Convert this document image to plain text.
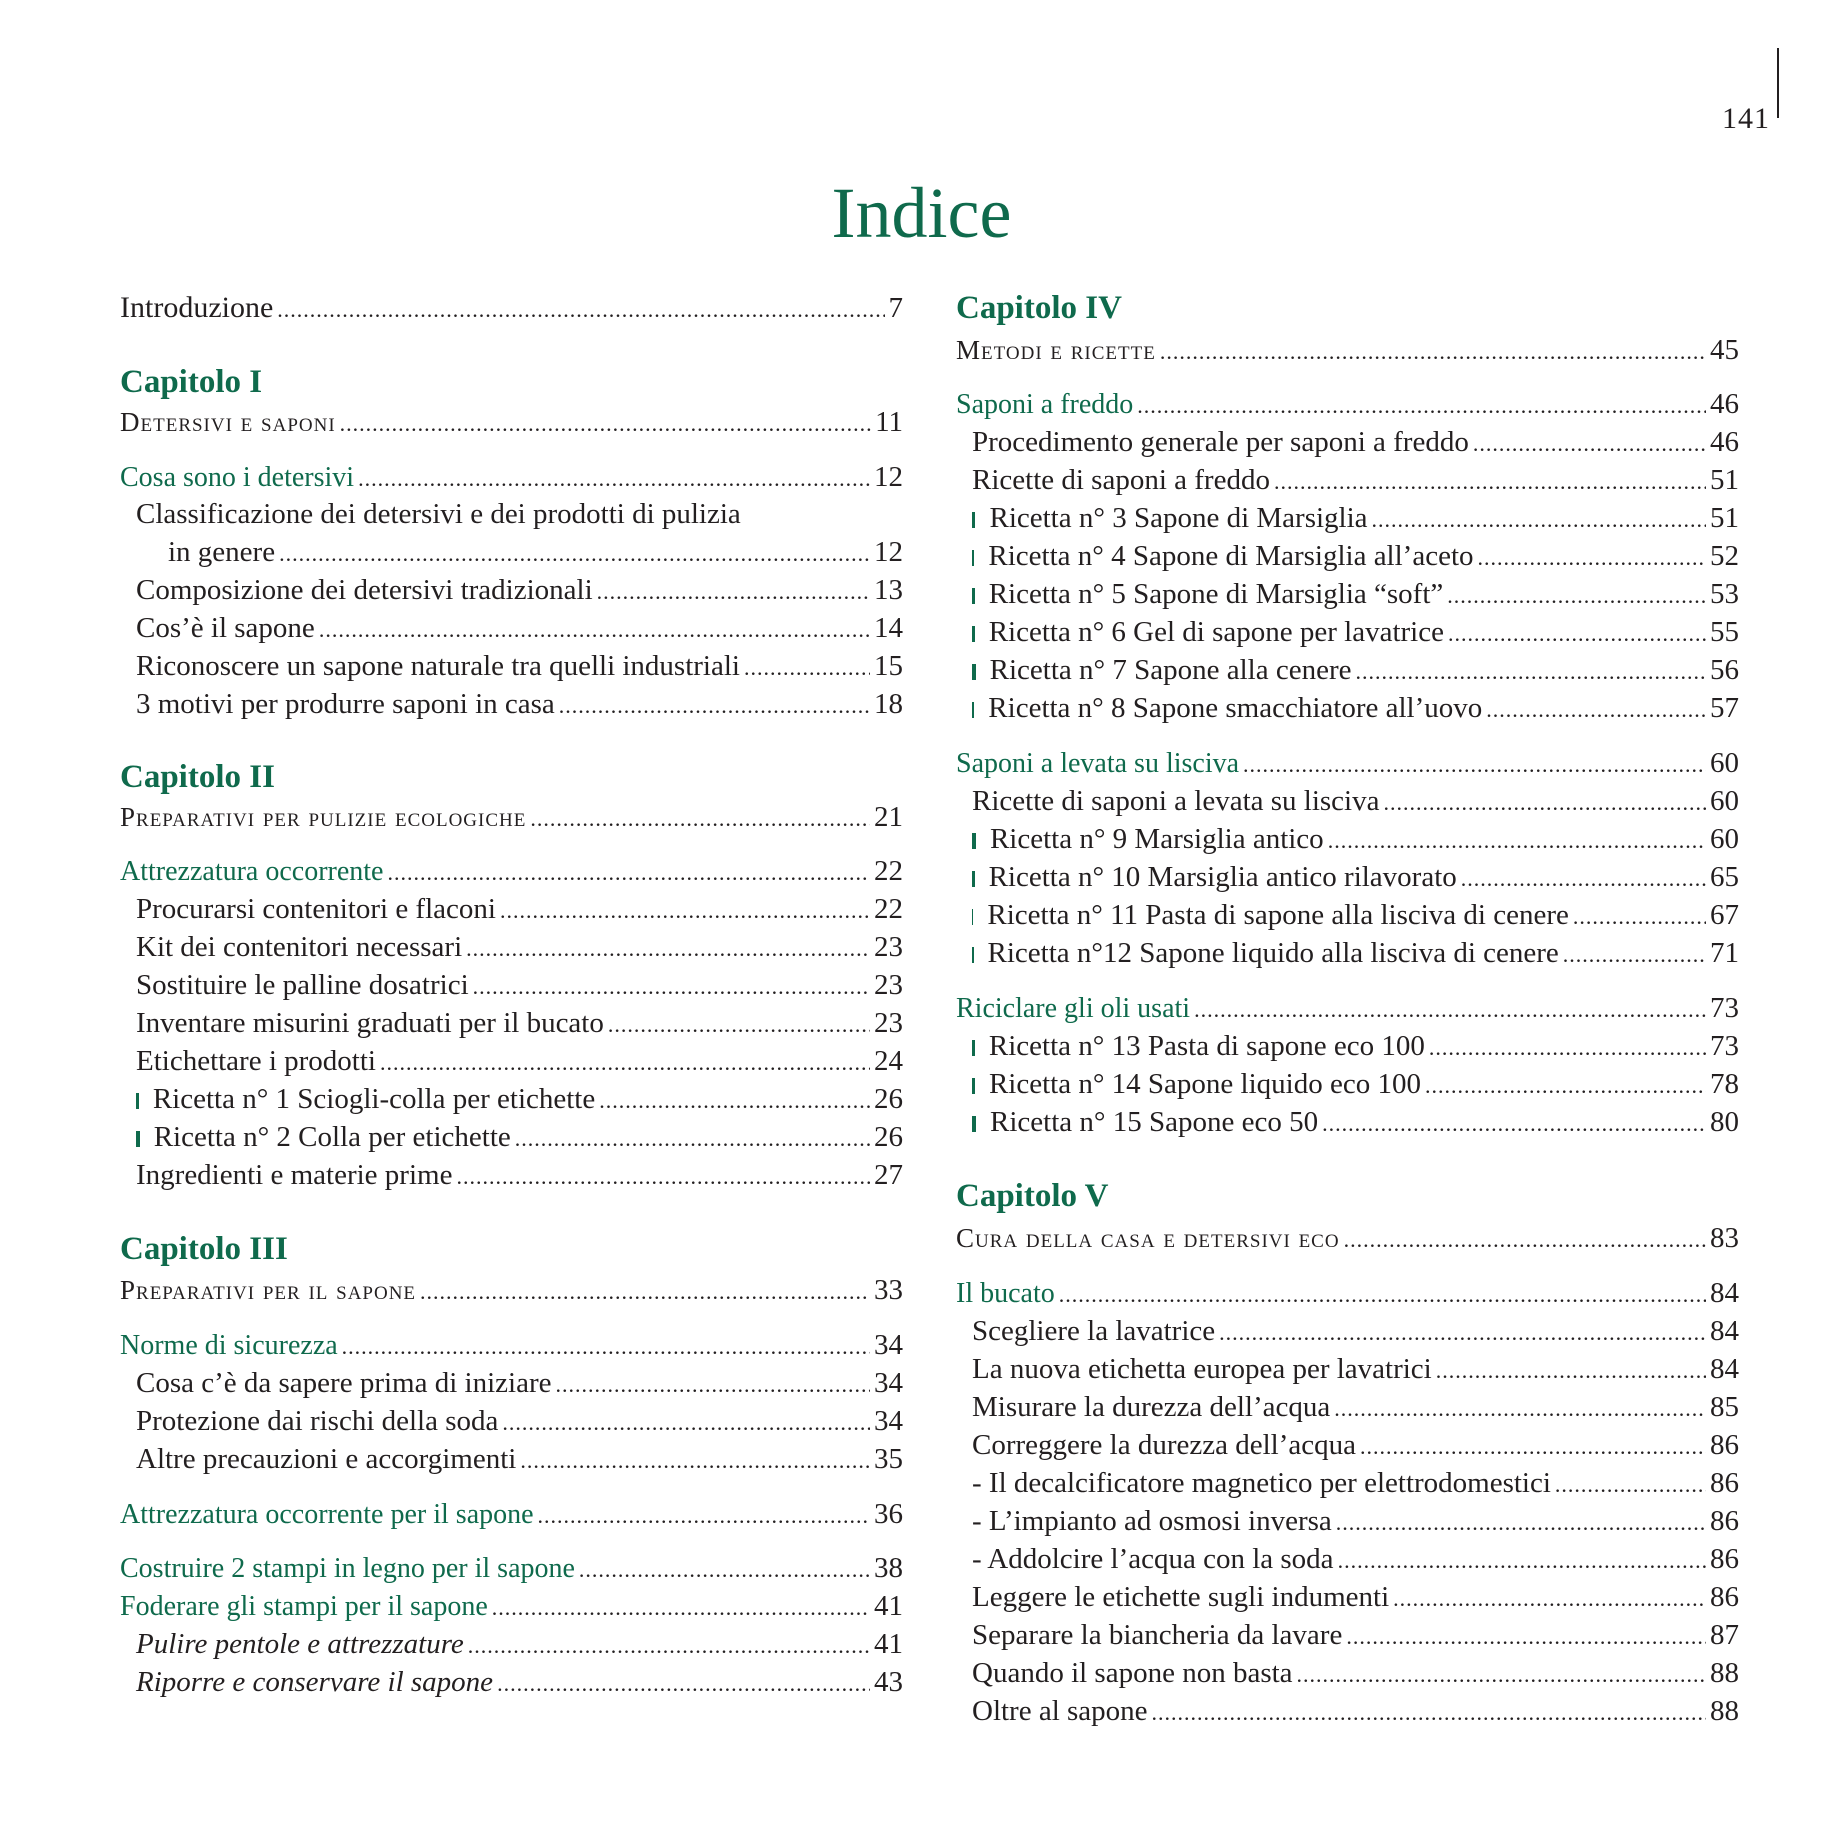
141
Indice
Introduzione .....	7
Capitolo I
Detersivi e saponi .....	11
Cosa sono i detersivi .....	12
Classificazione dei detersivi e dei prodotti di pulizia
in genere .....	12
Composizione dei detersivi tradizionali .....	13
Cos’è il sapone .....	14
Riconoscere un sapone naturale tra quelli industriali .....	15
3 motivi per produrre saponi in casa .....	18
Capitolo II
Preparativi per pulizie ecologiche .....	21
Attrezzatura occorrente .....	22
Procurarsi contenitori e flaconi .....	22
Kit dei contenitori necessari .....	23
Sostituire le palline dosatrici .....	23
Inventare misurini graduati per il bucato .....	23
Etichettare i prodotti .....	24
Ricetta n° 1 Sciogli-colla per etichette .....	26
Ricetta n° 2 Colla per etichette .....	26
Ingredienti e materie prime .....	27
Capitolo III
Preparativi per il sapone .....	33
Norme di sicurezza .....	34
Cosa c’è da sapere prima di iniziare .....	34
Protezione dai rischi della soda .....	34
Altre precauzioni e accorgimenti .....	35
Attrezzatura occorrente per il sapone .....	36
Costruire 2 stampi in legno per il sapone .....	38
Foderare gli stampi per il sapone .....	41
Pulire pentole e attrezzature .....	41
Riporre e conservare il sapone .....	43
Capitolo IV
Metodi e ricette .....	45
Saponi a freddo .....	46
Procedimento generale per saponi a freddo .....	46
Ricette di saponi a freddo .....	51
Ricetta n° 3 Sapone di Marsiglia .....	51
Ricetta n° 4 Sapone di Marsiglia all’aceto .....	52
Ricetta n° 5 Sapone di Marsiglia “soft” .....	53
Ricetta n° 6 Gel di sapone per lavatrice .....	55
Ricetta n° 7 Sapone alla cenere .....	56
Ricetta n° 8 Sapone smacchiatore all’uovo .....	57
Saponi a levata su lisciva .....	60
Ricette di saponi a levata su lisciva .....	60
Ricetta n° 9 Marsiglia antico .....	60
Ricetta n° 10 Marsiglia antico rilavorato .....	65
Ricetta n° 11 Pasta di sapone alla lisciva di cenere .....	67
Ricetta n°12 Sapone liquido alla lisciva di cenere .....	71
Riciclare gli oli usati .....	73
Ricetta n° 13 Pasta di sapone eco 100 .....	73
Ricetta n° 14 Sapone liquido eco 100 .....	78
Ricetta n° 15 Sapone eco 50 .....	80
Capitolo V
Cura della casa e detersivi eco .....	83
Il bucato .....	84
Scegliere la lavatrice .....	84
La nuova etichetta europea per lavatrici .....	84
Misurare la durezza dell’acqua .....	85
Correggere la durezza dell’acqua .....	86
- Il decalcificatore magnetico per elettrodomestici .....	86
- L’impianto ad osmosi inversa .....	86
- Addolcire l’acqua con la soda .....	86
Leggere le etichette sugli indumenti .....	86
Separare la biancheria da lavare .....	87
Quando il sapone non basta .....	88
Oltre al sapone .....	88
